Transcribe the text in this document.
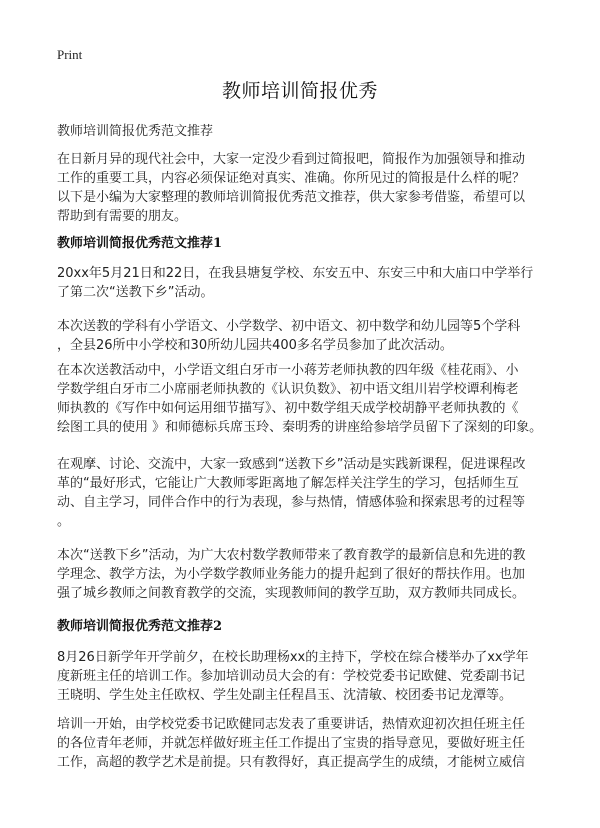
Print
教师培训简报优秀
教师培训简报优秀范文推荐
在日新月异的现代社会中，大家一定没少看到过简报吧，简报作为加强领导和推动
工作的重要工具，内容必须保证绝对真实、准确。你所见过的简报是什么样的呢？
以下是小编为大家整理的教师培训简报优秀范文推荐，供大家参考借鉴，希望可以
帮助到有需要的朋友。
教师培训简报优秀范文推荐1
20xx年5月21日和22日，在我县塘复学校、东安五中、东安三中和大庙口中学举行
了第二次“送教下乡”活动。
本次送教的学科有小学语文、小学数学、初中语文、初中数学和幼儿园等5个学科
，全县26所中小学校和30所幼儿园共400多名学员参加了此次活动。
在本次送教活动中，小学语文组白牙市一小蒋芳老师执教的四年级《桂花雨》、小
学数学组白牙市二小席丽老师执教的《认识负数》、初中语文组川岩学校谭利梅老
师执教的《写作中如何运用细节描写》、初中数学组天成学校胡静平老师执教的《
绘图工具的使用 》和师德标兵席玉玲、秦明秀的讲座给参培学员留下了深刻的印象。
在观摩、讨论、交流中，大家一致感到“送教下乡”活动是实践新课程，促进课程改
革的“最好形式，它能让广大教师零距离地了解怎样关注学生的学习，包括师生互
动、自主学习，同伴合作中的行为表现，参与热情，情感体验和探索思考的过程等
。
本次“送教下乡”活动，为广大农村数学教师带来了教育教学的最新信息和先进的教
学理念、教学方法，为小学数学教师业务能力的提升起到了很好的帮扶作用。也加
强了城乡教师之间教育教学的交流，实现教师间的教学互助，双方教师共同成长。
教师培训简报优秀范文推荐2
8月26日新学年开学前夕，在校长助理杨xx的主持下，学校在综合楼举办了xx学年
度新班主任的培训工作。参加培训动员大会的有：学校党委书记欧健、党委副书记
王晓明、学生处主任欧权、学生处副主任程昌玉、沈清敏、校团委书记龙潭等。
培训一开始，由学校党委书记欧健同志发表了重要讲话，热情欢迎初次担任班主任
的各位青年老师，并就怎样做好班主任工作提出了宝贵的指导意见，要做好班主任
工作，高超的教学艺术是前提。只有教得好，真正提高学生的成绩，才能树立威信
